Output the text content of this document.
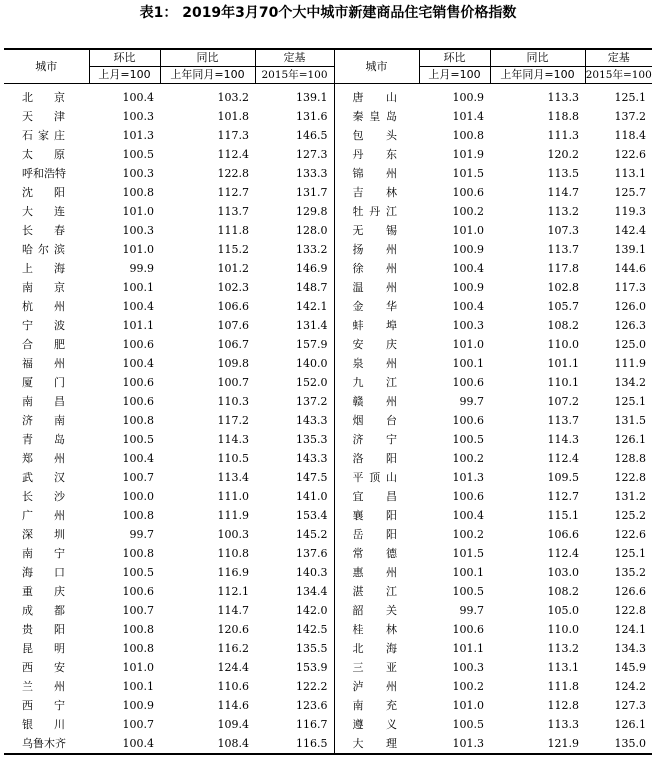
表1： 2019年3月70个大中城市新建商品住宅销售价格指数
城市	环比	同比	定基	城市	环比	同比	定基
	上月=100	上年同月=100	2015年=100		上月=100	上年同月=100	2015年=100
北京	100.4	103.2	139.1	唐山	100.9	113.3	125.1
天津	100.3	101.8	131.6	秦皇岛	101.4	118.8	137.2
石家庄	101.3	117.3	146.5	包头	100.8	111.3	118.4
太原	100.5	112.4	127.3	丹东	101.9	120.2	122.6
呼和浩特	100.3	122.8	133.3	锦州	101.5	113.5	113.1
沈阳	100.8	112.7	131.7	吉林	100.6	114.7	125.7
大连	101.0	113.7	129.8	牡丹江	100.2	113.2	119.3
长春	100.3	111.8	128.0	无锡	101.0	107.3	142.4
哈尔滨	101.0	115.2	133.2	扬州	100.9	113.7	139.1
上海	99.9	101.2	146.9	徐州	100.4	117.8	144.6
南京	100.1	102.3	148.7	温州	100.9	102.8	117.3
杭州	100.4	106.6	142.1	金华	100.4	105.7	126.0
宁波	101.1	107.6	131.4	蚌埠	100.3	108.2	126.3
合肥	100.6	106.7	157.9	安庆	101.0	110.0	125.0
福州	100.4	109.8	140.0	泉州	100.1	101.1	111.9
厦门	100.6	100.7	152.0	九江	100.6	110.1	134.2
南昌	100.6	110.3	137.2	赣州	99.7	107.2	125.1
济南	100.8	117.2	143.3	烟台	100.6	113.7	131.5
青岛	100.5	114.3	135.3	济宁	100.5	114.3	126.1
郑州	100.4	110.5	143.3	洛阳	100.2	112.4	128.8
武汉	100.7	113.4	147.5	平顶山	101.3	109.5	122.8
长沙	100.0	111.0	141.0	宜昌	100.6	112.7	131.2
广州	100.8	111.9	153.4	襄阳	100.4	115.1	125.2
深圳	99.7	100.3	145.2	岳阳	100.2	106.6	122.6
南宁	100.8	110.8	137.6	常德	101.5	112.4	125.1
海口	100.5	116.9	140.3	惠州	100.1	103.0	135.2
重庆	100.6	112.1	134.4	湛江	100.5	108.2	126.6
成都	100.7	114.7	142.0	韶关	99.7	105.0	122.8
贵阳	100.8	120.6	142.5	桂林	100.6	110.0	124.1
昆明	100.8	116.2	135.5	北海	101.1	113.2	134.3
西安	101.0	124.4	153.9	三亚	100.3	113.1	145.9
兰州	100.1	110.6	122.2	泸州	100.2	111.8	124.2
西宁	100.9	114.6	123.6	南充	101.0	112.8	127.3
银川	100.7	109.4	116.7	遵义	100.5	113.3	126.1
乌鲁木齐	100.4	108.4	116.5	大理	101.3	121.9	135.0
